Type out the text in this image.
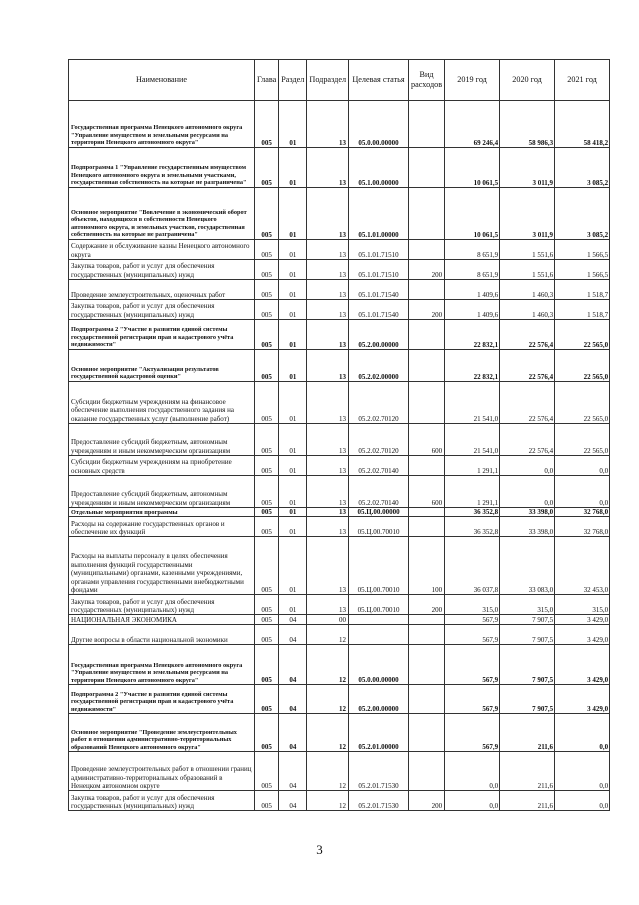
Наименование	Глава	Раздел	Подраздел	Целевая статья	Вид расходов	2019 год	2020 год	2021 год
Государственная программа Ненецкого автономного округа "Управление имуществом и земельными ресурсами на территории Ненецкого автономного округа"	005	01	13	05.0.00.00000		69 246,4	58 986,3	58 418,2
Подпрограмма 1 "Управление государственным имуществом Ненецкого автономного округа и земельными участками, государственная собственность на которые не разграничена"	005	01	13	05.1.00.00000		10 061,5	3 011,9	3 085,2
Основное мероприятие "Вовлечение в экономический оборот объектов, находящихся в собственности Ненецкого автономного округа, и земельных участков, государственная собственность на которые не разграничена"	005	01	13	05.1.01.00000		10 061,5	3 011,9	3 085,2
Содержание и обслуживание казны Ненецкого автономного округа	005	01	13	05.1.01.71510		8 651,9	1 551,6	1 566,5
Закупка товаров, работ и услуг для обеспечения государственных (муниципальных) нужд	005	01	13	05.1.01.71510	200	8 651,9	1 551,6	1 566,5
Проведение землеустроительных, оценочных работ	005	01	13	05.1.01.71540		1 409,6	1 460,3	1 518,7
Закупка товаров, работ и услуг для обеспечения государственных (муниципальных) нужд	005	01	13	05.1.01.71540	200	1 409,6	1 460,3	1 518,7
Подпрограмма 2 "Участие в развитии единой системы государственной регистрации прав и кадастрового учёта недвижимости"	005	01	13	05.2.00.00000		22 832,1	22 576,4	22 565,0
Основное мероприятие "Актуализация результатов государственной кадастровой оценки"	005	01	13	05.2.02.00000		22 832,1	22 576,4	22 565,0
Субсидии бюджетным учреждениям на финансовое обеспечение выполнения государственного задания на оказание государственных услуг (выполнение работ)	005	01	13	05.2.02.70120		21 541,0	22 576,4	22 565,0
Предоставление субсидий бюджетным, автономным учреждениям и иным некоммерческим организациям	005	01	13	05.2.02.70120	600	21 541,0	22 576,4	22 565,0
Субсидии бюджетным учреждениям на приобретение основных средств	005	01	13	05.2.02.70140		1 291,1	0,0	0,0
Предоставление субсидий бюджетным, автономным учреждениям и иным некоммерческим организациям	005	01	13	05.2.02.70140	600	1 291,1	0,0	0,0
Отдельные мероприятия программы	005	01	13	05.Ц.00.00000		36 352,8	33 398,0	32 768,0
Расходы на содержание государственных органов и обеспечение их функций	005	01	13	05.Ц.00.70010		36 352,8	33 398,0	32 768,0
Расходы на выплаты персоналу в целях обеспечения выполнения функций государственными (муниципальными) органами, казенными учреждениями, органами управления государственными внебюджетными фондами	005	01	13	05.Ц.00.70010	100	36 037,8	33 083,0	32 453,0
Закупка товаров, работ и услуг для обеспечения государственных (муниципальных) нужд	005	01	13	05.Ц.00.70010	200	315,0	315,0	315,0
НАЦИОНАЛЬНАЯ ЭКОНОМИКА	005	04	00			567,9	7 907,5	3 429,0
Другие вопросы в области национальной экономики	005	04	12			567,9	7 907,5	3 429,0
Государственная программа Ненецкого автономного округа "Управление имуществом и земельными ресурсами на территории Ненецкого автономного округа"	005	04	12	05.0.00.00000		567,9	7 907,5	3 429,0
Подпрограмма 2 "Участие в развитии единой системы государственной регистрации прав и кадастрового учёта недвижимости"	005	04	12	05.2.00.00000		567,9	7 907,5	3 429,0
Основное мероприятие "Проведение землеустроительных работ в отношении административно-территориальных образований Ненецкого автономного округа"	005	04	12	05.2.01.00000		567,9	211,6	0,0
Проведение землеустроительных работ в отношении границ административно-территориальных образований в Ненецком автономном округе	005	04	12	05.2.01.71530		0,0	211,6	0,0
Закупка товаров, работ и услуг для обеспечения государственных (муниципальных) нужд	005	04	12	05.2.01.71530	200	0,0	211,6	0,0
3
